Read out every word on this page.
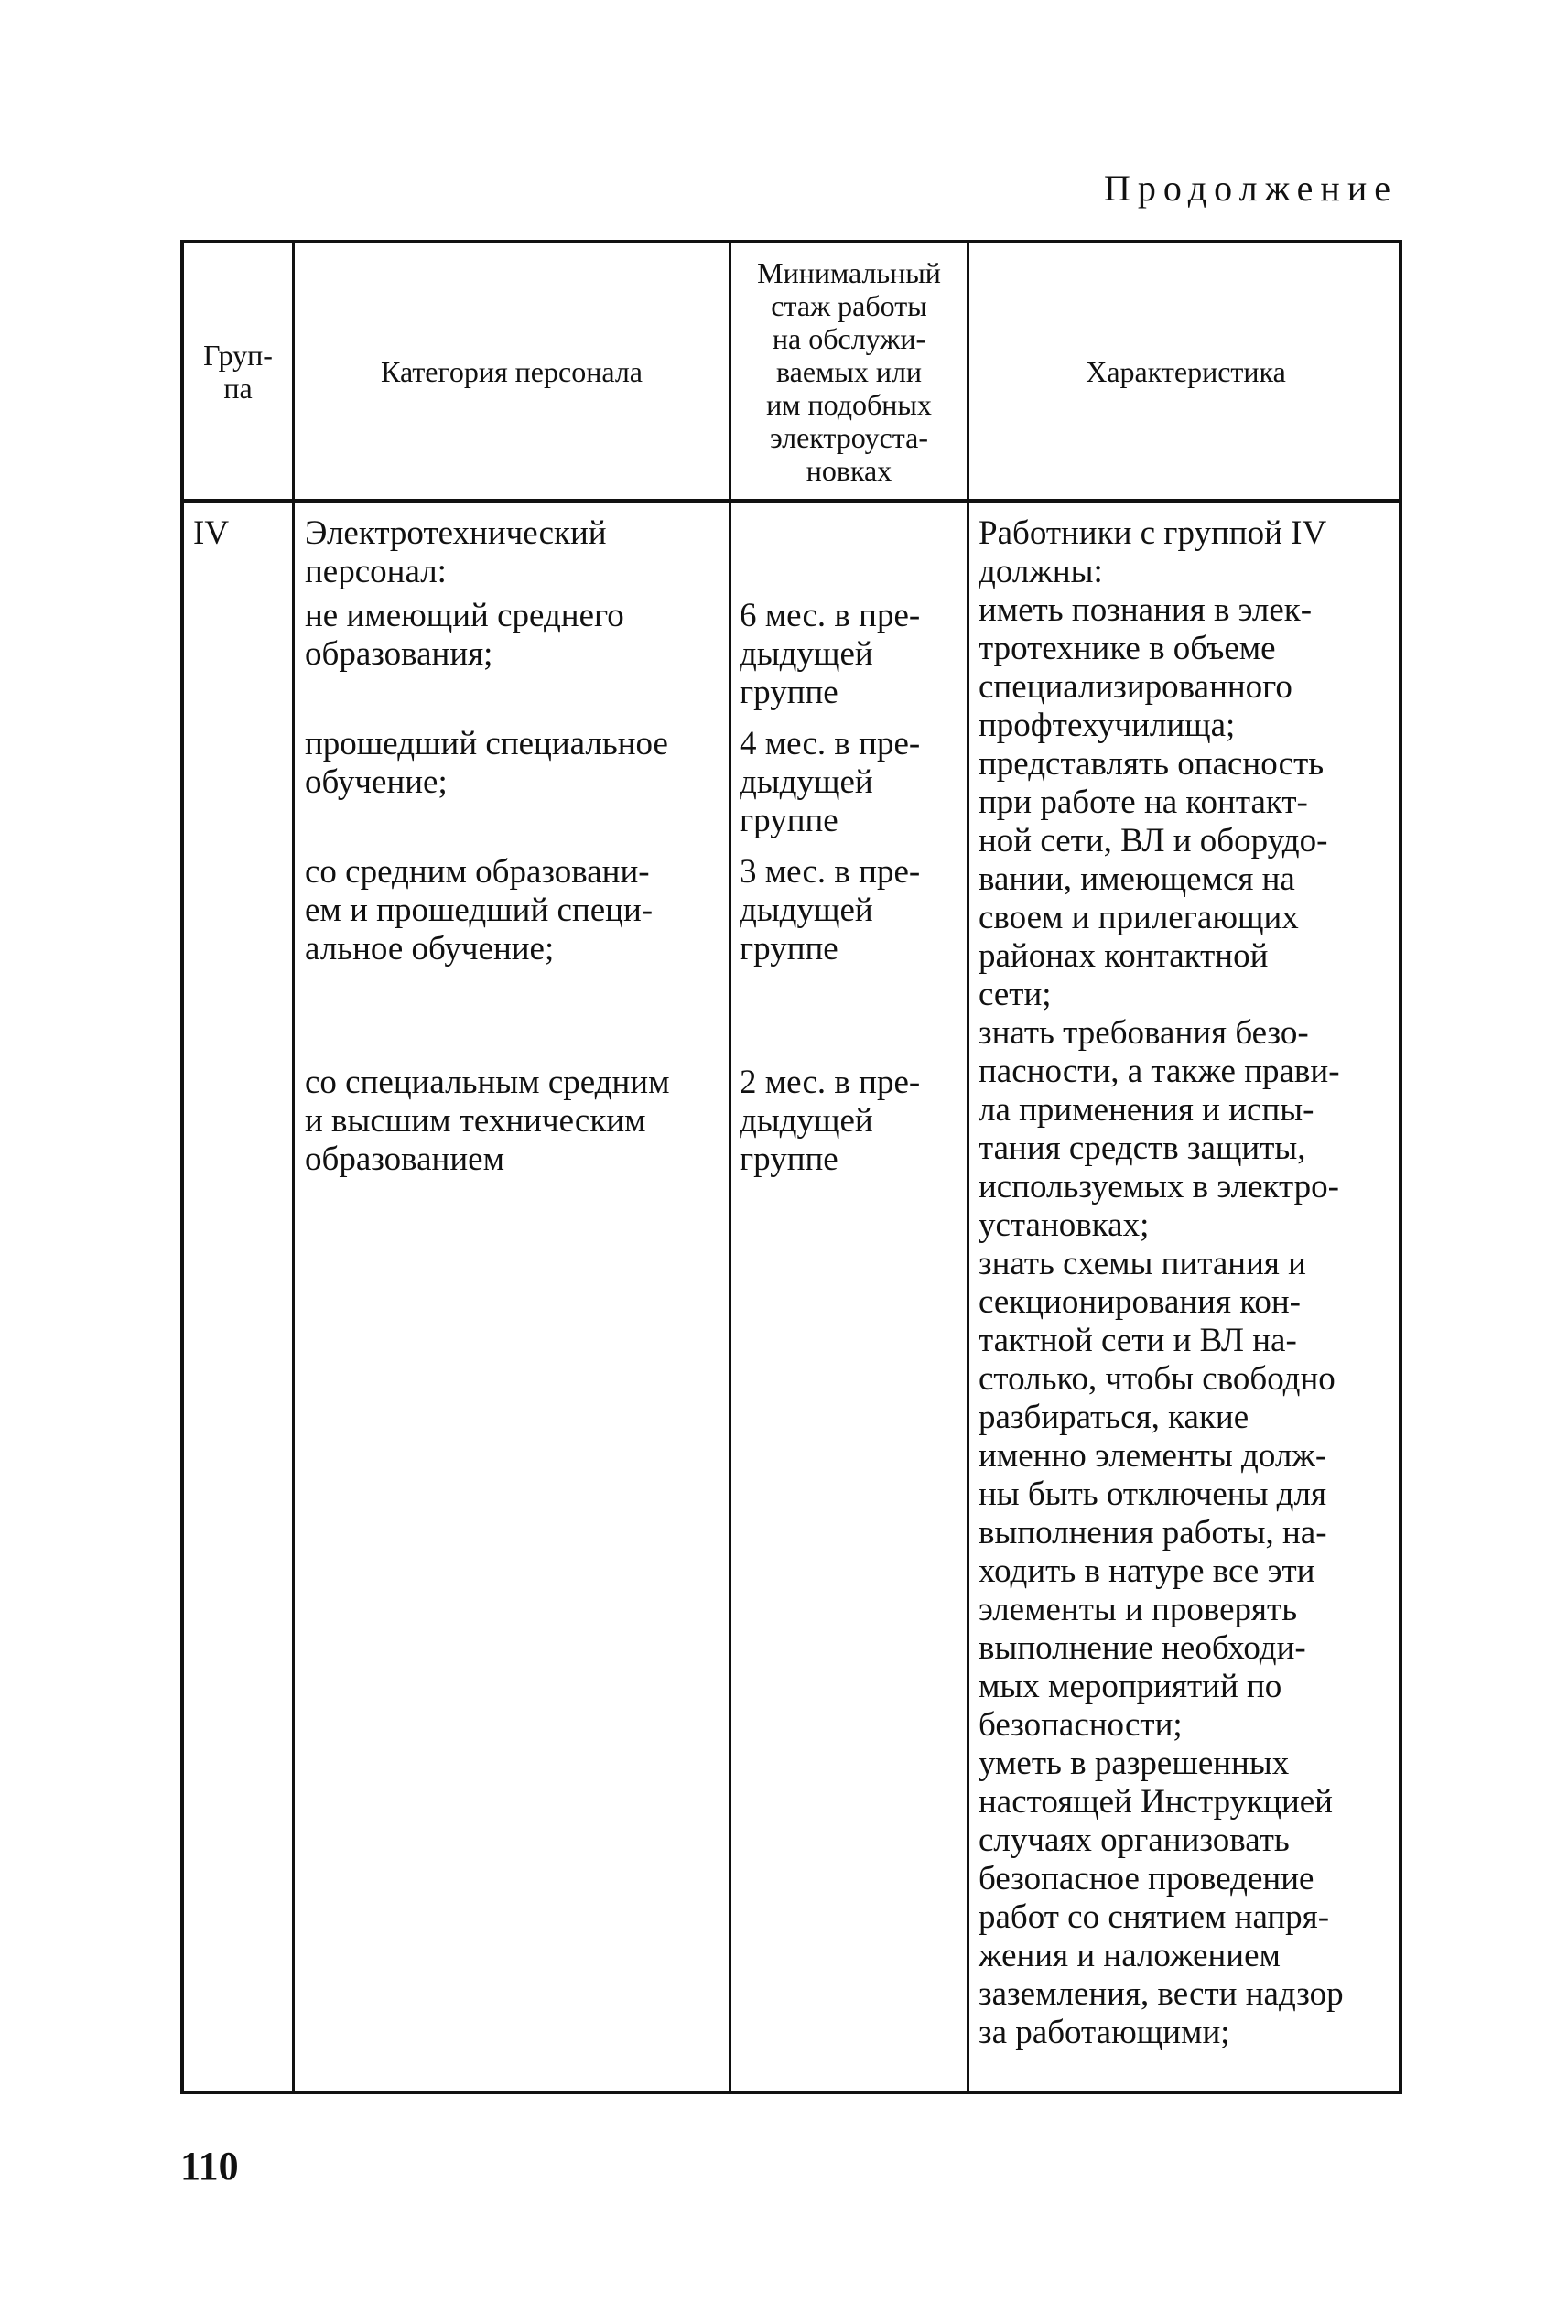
Продолжение
Груп-
па	Категория персонала
Минимальный
стаж работы
на обслужи-
ваемых или
им подобных
электроуста-
новках
Характеристика
IV Электротехнический
персонал:
не имеющий среднего
образования;
6 мес. в пре-
дыдущей
группе
прошедший специальное
обучение;
4 мес. в пре-
дыдущей
группе
со средним образовани-
ем и прошедший специ-
альное обучение;
3 мес. в пре-
дыдущей
группе
со специальным средним
и высшим техническим
образованием
2 мес. в пре-
дыдущей
группе
Работники с группой IV
должны:
иметь познания в элек-
тротехнике в объеме
специализированного
профтехучилища;
представлять опасность
при работе на контакт-
ной сети, ВЛ и оборудо-
вании, имеющемся на
своем и прилегающих
районах контактной
сети;
знать требования безо-
пасности, а также прави-
ла применения и испы-
тания средств защиты,
используемых в электро-
установках;
знать схемы питания и
секционирования кон-
тактной сети и ВЛ на-
столько, чтобы свободно
разбираться, какие
именно элементы долж-
ны быть отключены для
выполнения работы, на-
ходить в натуре все эти
элементы и проверять
выполнение необходи-
мых мероприятий по
безопасности;
уметь в разрешенных
настоящей Инструкцией
случаях организовать
безопасное проведение
работ со снятием напря-
жения и наложением
заземления, вести надзор
за работающими;
110
